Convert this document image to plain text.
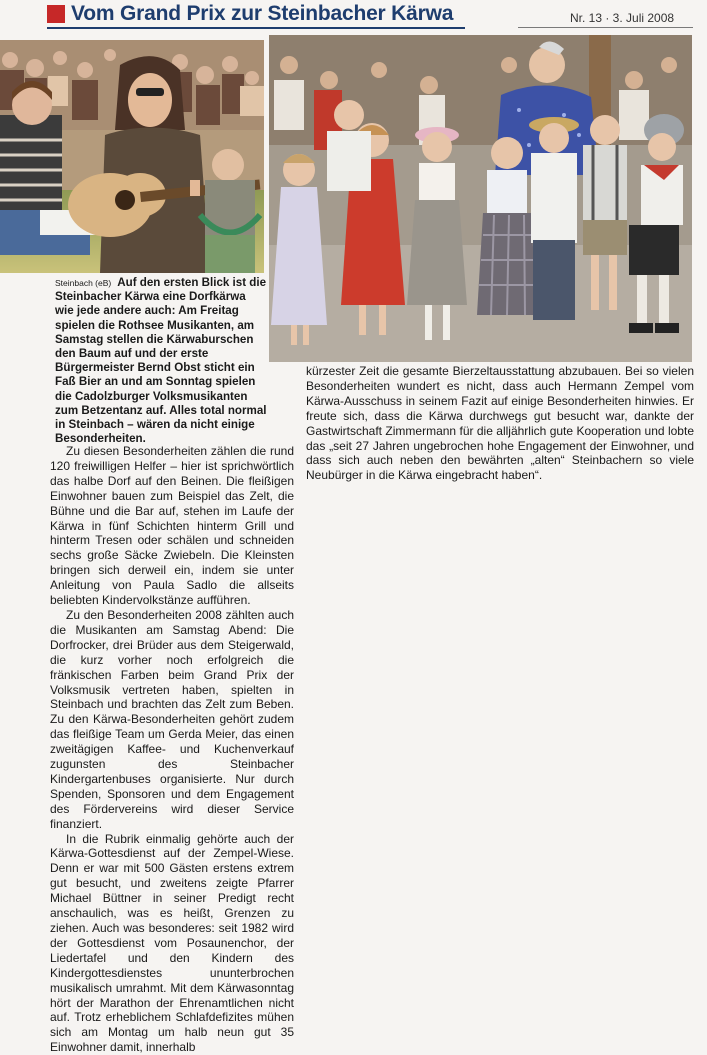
Vom Grand Prix zur Steinbacher Kärwa	Nr. 13 · 3. Juli 2008
Steinbach (eB) Auf den ersten Blick ist die Steinbacher Kärwa eine Dorfkärwa wie jede andere auch: Am Freitag spielen die Rothsee Musikanten, am Samstag stellen die Kärwaburschen den Baum auf und der erste Bürgermeister Bernd Obst sticht ein Faß Bier an und am Sonntag spielen die Cadolzburger Volksmusikanten zum Betzentanz auf. Alles total normal in Steinbach – wären da nicht einige Besonderheiten.

Zu diesen Besonderheiten zählen die rund 120 freiwilligen Helfer – hier ist sprichwörtlich das halbe Dorf auf den Beinen. Die fleißigen Einwohner bauen zum Beispiel das Zelt, die Bühne und die Bar auf, stehen im Laufe der Kärwa in fünf Schichten hinterm Grill und hinterm Tresen oder schälen und schneiden sechs große Säcke Zwiebeln. Die Kleinsten bringen sich derweil ein, indem sie unter Anleitung von Paula Sadlo die allseits beliebten Kindervolkstänze aufführen.

Zu den Besonderheiten 2008 zählten auch die Musikanten am Samstag Abend: Die Dorfrocker, drei Brüder aus dem Steigerwald, die kurz vorher noch erfolgreich die fränkischen Farben beim Grand Prix der Volksmusik vertreten haben, spielten in Steinbach und brachten das Zelt zum Beben. Zu den Kärwa-Besonderheiten gehört zudem das fleißige Team um Gerda Meier, das einen zweitägigen Kaffee- und Kuchenverkauf zugunsten des Steinbacher Kindergartenbuses organisierte. Nur durch Spenden, Sponsoren und dem Engagement des Fördervereins wird dieser Service finanziert.

In die Rubrik einmalig gehörte auch der Kärwa-Gottesdienst auf der Zempel-Wiese. Denn er war mit 500 Gästen erstens extrem gut besucht, und zweitens zeigte Pfarrer Michael Büttner in seiner Predigt recht anschaulich, was es heißt, Grenzen zu ziehen. Auch was besonderes: seit 1982 wird der Gottesdienst vom Posaunenchor, der Liedertafel und den Kindern des Kindergottesdienstes ununterbrochen musikalisch umrahmt. Mit dem Kärwasonntag hört der Marathon der Ehrenamtlichen nicht auf. Trotz erheblichem Schlafdefizites mühen sich am Montag um halb neun gut 35 Einwohner damit, innerhalb

kürzester Zeit die gesamte Bierzeltausstattung abzubauen. Bei so vielen Besonderheiten wundert es nicht, dass auch Hermann Zempel vom Kärwa-Ausschuss in seinem Fazit auf einige Besonderheiten hinwies. Er freute sich, dass die Kärwa durchwegs gut besucht war, dankte der Gastwirtschaft Zimmermann für die alljährlich gute Kooperation und lobte das „seit 27 Jahren ungebrochen hohe Engagement der Einwohner, und dass sich auch neben den bewährten „alten“ Steinbachern so viele Neubürger in die Kärwa eingebracht haben“.
